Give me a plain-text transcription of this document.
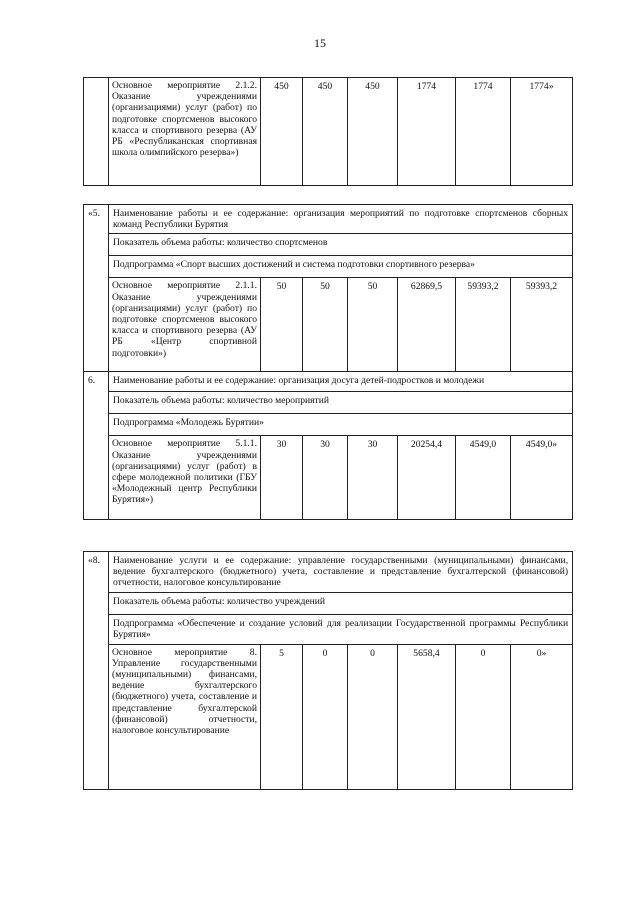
15
	Основное мероприятие 2.1.2. Оказание учреждениями (организациями) услуг (работ) по подготовке спортсменов высокого класса и спортивного резерва (АУ РБ «Республиканская спортивная школа олимпийского резерва»)	450	450	450	1774	1774	1774»
«5.	Наименование работы и ее содержание: организация мероприятий по подготовке спортсменов сборных команд Республики Бурятия						
	Показатель объема работы: количество спортсменов						
	Подпрограмма «Спорт высших достижений и система подготовки спортивного резерва»						
	Основное мероприятие 2.1.1. Оказание учреждениями (организациями) услуг (работ) по подготовке спортсменов высокого класса и спортивного резерва (АУ РБ «Центр спортивной подготовки»)	50	50	50	62869,5	59393,2	59393,2
6.	Наименование работы и ее содержание: организация досуга детей-подростков и молодежи						
	Показатель объема работы: количество мероприятий						
	Подпрограмма «Молодежь Бурятии»						
	Основное мероприятие 5.1.1. Оказание учреждениями (организациями) услуг (работ) в сфере молодежной политики (ГБУ «Молодежный центр Республики Бурятия»)	30	30	30	20254,4	4549,0	4549,0»
«8.	Наименование услуги и ее содержание: управление государственными (муниципальными) финансами, ведение бухгалтерского (бюджетного) учета, составление и представление бухгалтерской (финансовой) отчетности, налоговое консультирование						
	Показатель объема работы: количество учреждений						
	Подпрограмма «Обеспечение и создание условий для реализации Государственной программы Республики Бурятия»						
	Основное мероприятие 8. Управление государственными (муниципальными) финансами, ведение бухгалтерского (бюджетного) учета, составление и представление бухгалтерской (финансовой) отчетности, налоговое консультирование	5	0	0	5658,4	0	0»
